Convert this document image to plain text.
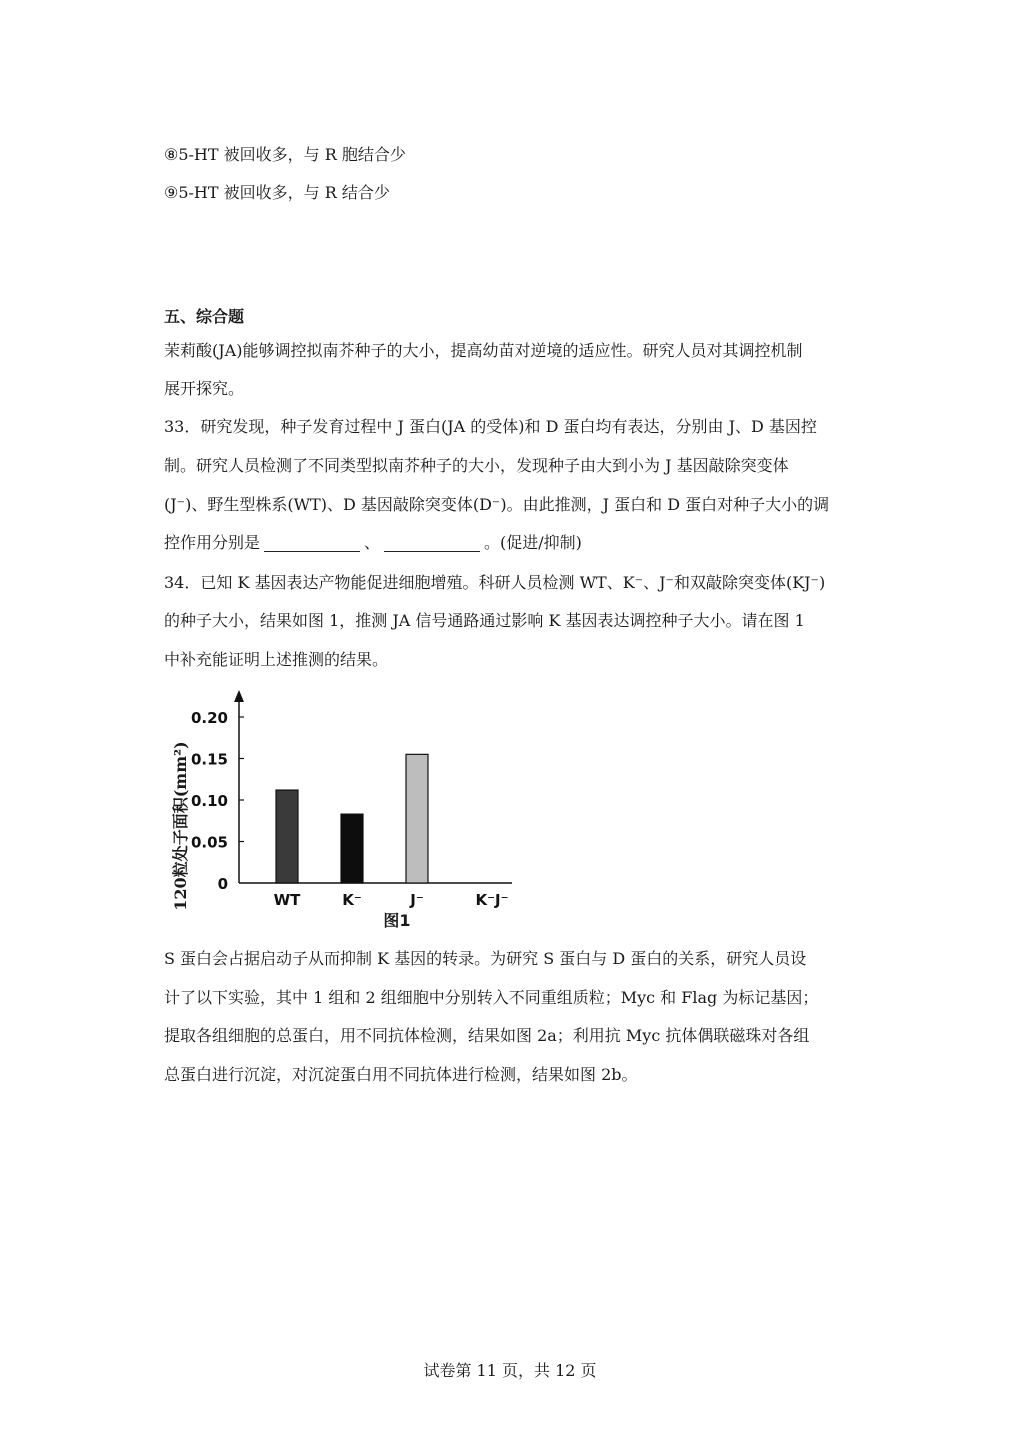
⑧5-HT 被回收多，与 R 胞结合少
⑨5-HT 被回收多，与 R 结合少
五、综合题
茉莉酸(JA)能够调控拟南芥种子的大小，提高幼苗对逆境的适应性。研究人员对其调控机制
展开探究。
33．研究发现，种子发育过程中 J 蛋白(JA 的受体)和 D 蛋白均有表达，分别由 J、D 基因控
制。研究人员检测了不同类型拟南芥种子的大小，发现种子由大到小为 J 基因敲除突变体
(J⁻)、野生型株系(WT)、D 基因敲除突变体(D⁻)。由此推测，J 蛋白和 D 蛋白对种子大小的调
控作用分别是	、	。(促进/抑制)
34．已知 K 基因表达产物能促进细胞增殖。科研人员检测 WT、K⁻、J⁻和双敲除突变体(KJ⁻)
的种子大小，结果如图 1，推测 JA 信号通路通过影响 K 基因表达调控种子大小。请在图 1
中补充能证明上述推测的结果。
120粒处子面积(mm²) 0
0.05
0.10
0.15
0.20
WT	K⁻	J⁻	K⁻J⁻
图1
S 蛋白会占据启动子从而抑制 K 基因的转录。为研究 S 蛋白与 D 蛋白的关系，研究人员设
计了以下实验，其中 1 组和 2 组细胞中分别转入不同重组质粒；Myc 和 Flag 为标记基因；
提取各组细胞的总蛋白，用不同抗体检测，结果如图 2a；利用抗 Myc 抗体偶联磁珠对各组
总蛋白进行沉淀，对沉淀蛋白用不同抗体进行检测，结果如图 2b。
试卷第 11 页，共 12 页
